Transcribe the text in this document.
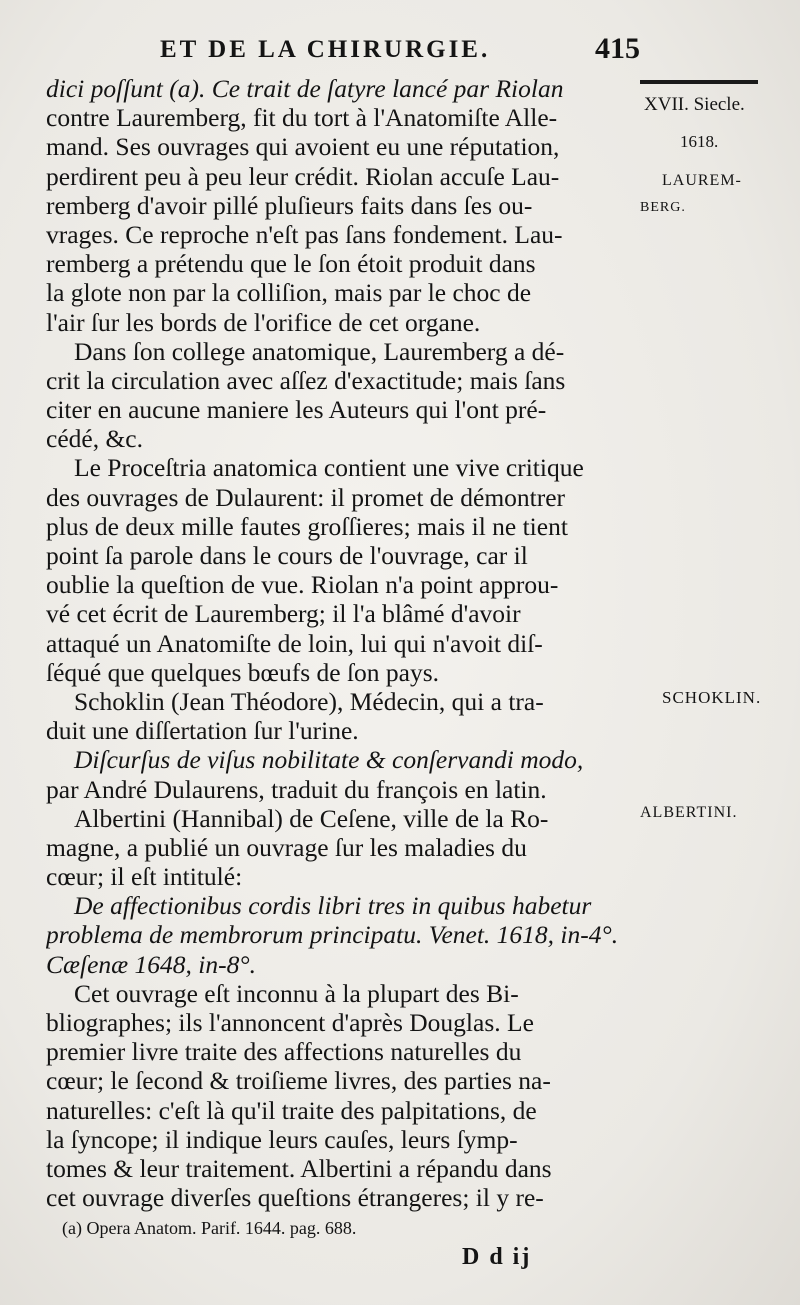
ET DE LA CHIRURGIE.	415
XVII. Siecle.
1618.
LAUREM-
BERG.
SCHOKLIN.
ALBERTINI.
dici poſſunt (a). Ce trait de ſatyre lancé par Riolan
contre Lauremberg, fit du tort à l'Anatomiſte Alle-
mand. Ses ouvrages qui avoient eu une réputation,
perdirent peu à peu leur crédit. Riolan accuſe Lau-
remberg d'avoir pillé pluſieurs faits dans ſes ou-
vrages. Ce reproche n'eſt pas ſans fondement. Lau-
remberg a prétendu que le ſon étoit produit dans
la glote non par la colliſion, mais par le choc de
l'air ſur les bords de l'orifice de cet organe.
Dans ſon college anatomique, Lauremberg a dé-
crit la circulation avec aſſez d'exactitude; mais ſans
citer en aucune maniere les Auteurs qui l'ont pré-
cédé, &c.
Le Proceſtria anatomica contient une vive critique
des ouvrages de Dulaurent: il promet de démontrer
plus de deux mille fautes groſſieres; mais il ne tient
point ſa parole dans le cours de l'ouvrage, car il
oublie la queſtion de vue. Riolan n'a point approu-
vé cet écrit de Lauremberg; il l'a blâmé d'avoir
attaqué un Anatomiſte de loin, lui qui n'avoit diſ-
ſéqué que quelques bœufs de ſon pays.
Schoklin (Jean Théodore), Médecin, qui a tra-
duit une diſſertation ſur l'urine.
Diſcurſus de viſus nobilitate & conſervandi modo,
par André Dulaurens, traduit du françois en latin.
Albertini (Hannibal) de Ceſene, ville de la Ro-
magne, a publié un ouvrage ſur les maladies du
cœur; il eſt intitulé:
De affectionibus cordis libri tres in quibus habetur
problema de membrorum principatu. Venet. 1618, in-4°.
Cæſenæ 1648, in-8°.
Cet ouvrage eſt inconnu à la plupart des Bi-
bliographes; ils l'annoncent d'après Douglas. Le
premier livre traite des affections naturelles du
cœur; le ſecond & troiſieme livres, des parties na-
naturelles: c'eſt là qu'il traite des palpitations, de
la ſyncope; il indique leurs cauſes, leurs ſymp-
tomes & leur traitement. Albertini a répandu dans
cet ouvrage diverſes queſtions étrangeres; il y re-
(a) Opera Anatom. Parif. 1644. pag. 688.
D d ij
